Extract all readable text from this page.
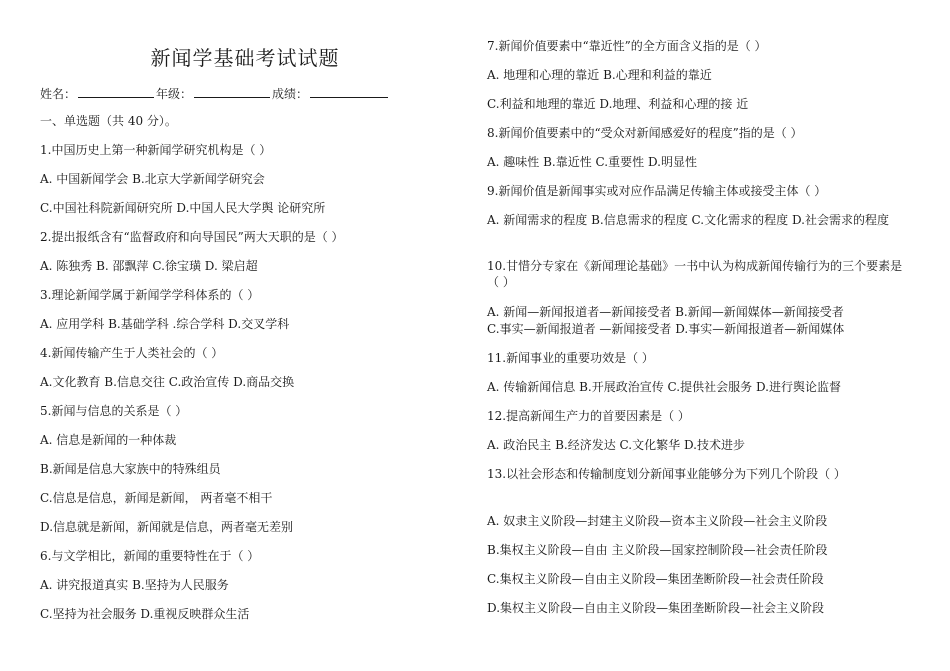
新闻学基础考试试题
姓名：	年级：	成绩：
一、单选题（共 40 分）。
1.中国历史上第一种新闻学研究机构是（ ）
A. 中国新闻学会 B.北京大学新闻学研究会
C.中国社科院新闻研究所 D.中国人民大学舆 论研究所
2.提出报纸含有“监督政府和向导国民”两大天职的是（ ）
A. 陈独秀 B. 邵飘萍 C.徐宝璜 D. 梁启超
3.理论新闻学属于新闻学学科体系的（ ）
A. 应用学科 B.基础学科 .综合学科 D.交叉学科
4.新闻传输产生于人类社会的（ ）
A.文化教育 B.信息交往 C.政治宣传 D.商品交换
5.新闻与信息的关系是（ ）
A. 信息是新闻的一种体裁
B.新闻是信息大家族中的特殊组员
C.信息是信息，新闻是新闻， 两者毫不相干
D.信息就是新闻，新闻就是信息，两者毫无差别
6.与文学相比，新闻的重要特性在于（ ）
A. 讲究报道真实 B.坚持为人民服务
C.坚持为社会服务 D.重视反映群众生活
7.新闻价值要素中“靠近性”的全方面含义指的是（ ）
A. 地理和心理的靠近 B.心理和利益的靠近
C.利益和地理的靠近 D.地理、利益和心理的接 近
8.新闻价值要素中的“受众对新闻感爱好的程度”指的是（ ）
A. 趣味性 B.靠近性 C.重要性 D.明显性
9.新闻价值是新闻事实或对应作品满足传输主体或接受主体（ ）
A. 新闻需求的程度 B.信息需求的程度 C.文化需求的程度 D.社会需求的程度
10.甘惜分专家在《新闻理论基础》一书中认为构成新闻传输行为的三个要素是（ ）
A. 新闻—新闻报道者—新闻接受者 B.新闻—新闻媒体—新闻接受者
C.事实—新闻报道者 —新闻接受者 D.事实—新闻报道者—新闻媒体
11.新闻事业的重要功效是（ ）
A. 传输新闻信息 B.开展政治宣传 C.提供社会服务 D.进行舆论监督
12.提高新闻生产力的首要因素是（ ）
A. 政治民主 B.经济发达 C.文化繁华 D.技术进步
13.以社会形态和传输制度划分新闻事业能够分为下列几个阶段（ ）
A. 奴隶主义阶段—封建主义阶段—资本主义阶段—社会主义阶段
B.集权主义阶段—自由 主义阶段—国家控制阶段—社会责任阶段
C.集权主义阶段—自由主义阶段—集团垄断阶段—社会责任阶段
D.集权主义阶段—自由主义阶段—集团垄断阶段—社会主义阶段
